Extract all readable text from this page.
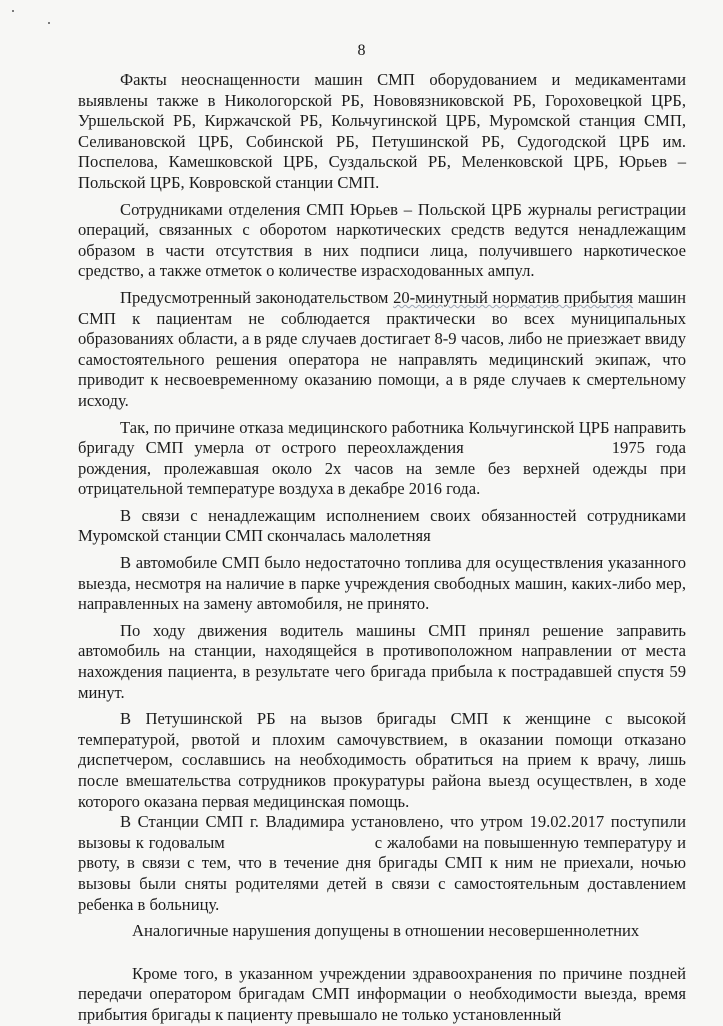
8

Факты неоснащенности машин СМП оборудованием и медикаментами выявлены также в Никологорской РБ, Нововязниковской РБ, Гороховецкой ЦРБ, Уршельской РБ, Киржачской РБ, Кольчугинской ЦРБ, Муромской станция СМП, Селивановской ЦРБ, Собинской РБ, Петушинской РБ, Судогодской ЦРБ им. Поспелова, Камешковской ЦРБ, Суздальской РБ, Меленковской ЦРБ, Юрьев – Польской ЦРБ, Ковровской станции СМП.

Сотрудниками отделения СМП Юрьев – Польской ЦРБ журналы регистрации операций, связанных с оборотом наркотических средств ведутся ненадлежащим образом в части отсутствия в них подписи лица, получившего наркотическое средство, а также отметок о количестве израсходованных ампул.

Предусмотренный законодательством 20-минутный норматив прибытия машин СМП к пациентам не соблюдается практически во всех муниципальных образованиях области, а в ряде случаев достигает 8-9 часов, либо не приезжает ввиду самостоятельного решения оператора не направлять медицинский экипаж, что приводит к несвоевременному оказанию помощи, а в ряде случаев к смертельному исходу.

Так, по причине отказа медицинского работника Кольчугинской ЦРБ направить бригаду СМП умерла от острого переохлаждения	1975 года рождения, пролежавшая около 2х часов на земле без верхней одежды при отрицательной температуре воздуха в декабре 2016 года.

В связи с ненадлежащим исполнением своих обязанностей сотрудниками Муромской станции СМП скончалась малолетняя

В автомобиле СМП было недостаточно топлива для осуществления указанного выезда, несмотря на наличие в парке учреждения свободных машин, каких-либо мер, направленных на замену автомобиля, не принято.

По ходу движения водитель машины СМП принял решение заправить автомобиль на станции, находящейся в противоположном направлении от места нахождения пациента, в результате чего бригада прибыла к пострадавшей спустя 59 минут.

В Петушинской РБ на вызов бригады СМП к женщине с высокой температурой, рвотой и плохим самочувствием, в оказании помощи отказано диспетчером, сославшись на необходимость обратиться на прием к врачу, лишь после вмешательства сотрудников прокуратуры района выезд осуществлен, в ходе которого оказана первая медицинская помощь.

В Станции СМП г. Владимира установлено, что утром 19.02.2017 поступили вызовы к годовалым	с жалобами на повышенную температуру и рвоту, в связи с тем, что в течение дня бригады СМП к ним не приехали, ночью вызовы были сняты родителями детей в связи с самостоятельным доставлением ребенка в больницу.

Аналогичные нарушения допущены в отношении несовершеннолетних

Кроме того, в указанном учреждении здравоохранения по причине поздней передачи оператором бригадам СМП информации о необходимости выезда, время прибытия бригады к пациенту превышало не только установленный
